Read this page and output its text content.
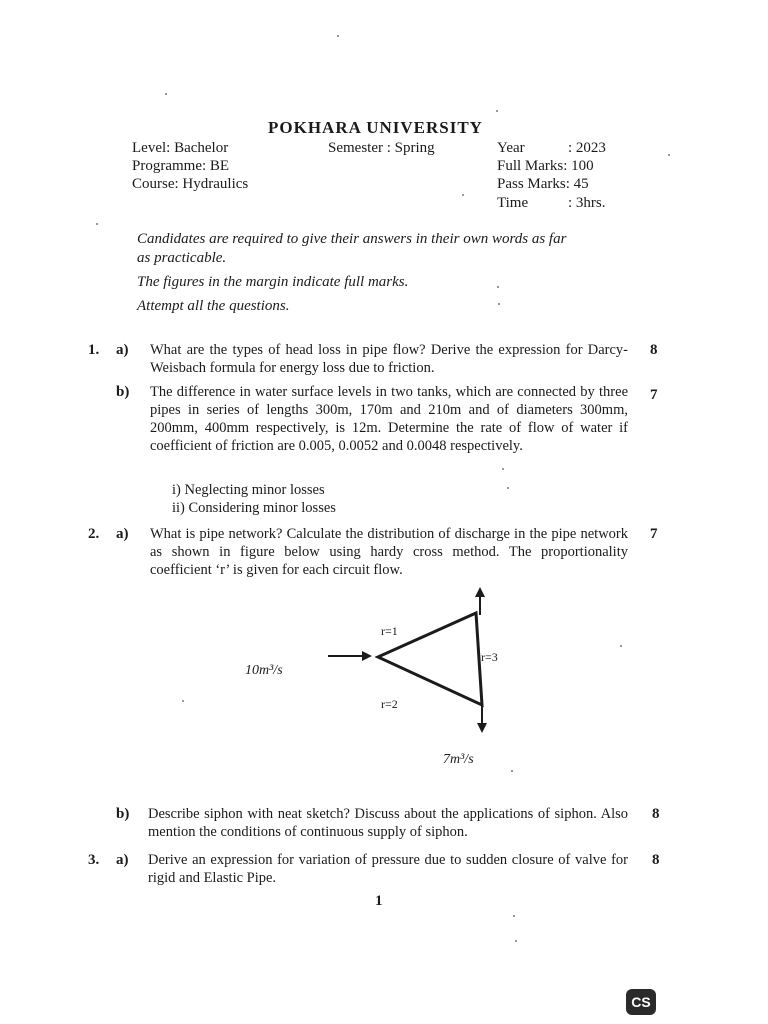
POKHARA UNIVERSITY
Level: Bachelor
Programme: BE
Course: Hydraulics
Semester : Spring	Year	: 2023
Full Marks: 100
Pass Marks: 45
Time	: 3hrs.
Candidates are required to give their answers in their own words as far
as practicable.
The figures in the margin indicate full marks.
Attempt all the questions.
1. a) What are the types of head loss in pipe flow? Derive the expression for Darcy-Weisbach formula for energy loss due to friction.
8
b) The difference in water surface levels in two tanks, which are connected by three pipes in series of lengths 300m, 170m and 210m and of diameters 300mm, 200mm, 400mm respectively, is 12m. Determine the rate of flow of water if coefficient of friction are 0.005, 0.0052 and 0.0048 respectively.
7
i) Neglecting minor losses
ii) Considering minor losses
2. a) What is pipe network? Calculate the distribution of discharge in the pipe network as shown in figure below using hardy cross method. The proportionality coefficient ‘r’ is given for each circuit flow.
7
r=1
r=3
r=2
10m³/s
7m³/s
b) Describe siphon with neat sketch? Discuss about the applications of siphon. Also mention the conditions of continuous supply of siphon.
8
3. a) Derive an expression for variation of pressure due to sudden closure of valve for rigid and Elastic Pipe.
8
1
CS
